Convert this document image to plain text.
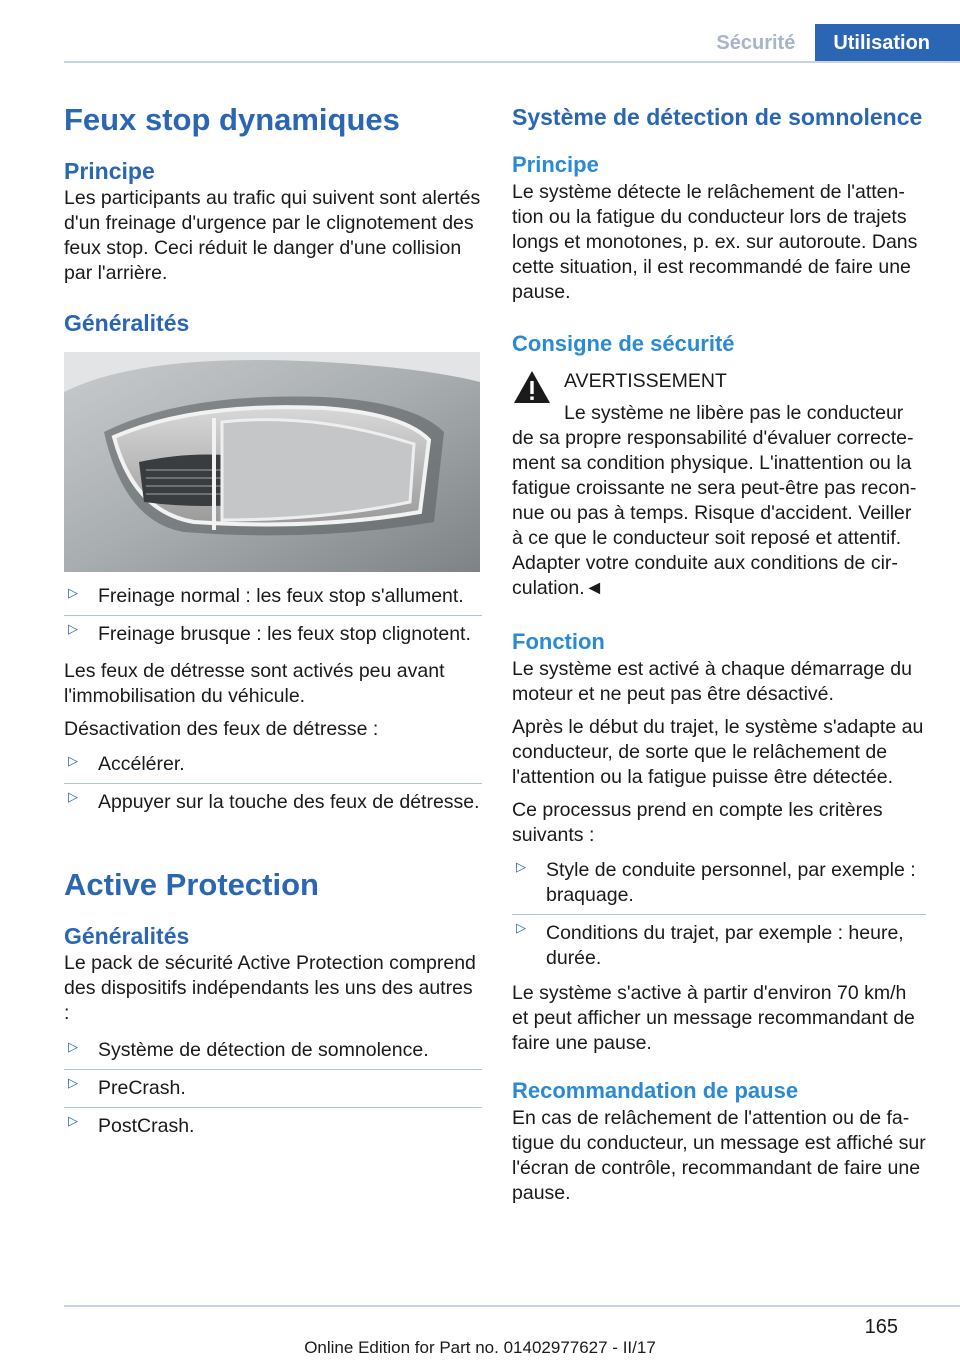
Sécurité	Utilisation
Feux stop dynamiques
Principe

Les participants au trafic qui suivent sont alertés d'un freinage d'urgence par le clignotement des feux stop. Ceci réduit le danger d'une collision par l'arrière.

Généralités
▷ Freinage normal : les feux stop s'allument.
▷ Freinage brusque : les feux stop clignotent.

Les feux de détresse sont activés peu avant l'immobilisation du véhicule.

Désactivation des feux de détresse :

▷ Accélérer.
▷ Appuyer sur la touche des feux de détresse.
Active Protection
Généralités

Le pack de sécurité Active Protection comprend des dispositifs indépendants les uns des autres :

▷ Système de détection de somnolence.
▷ PreCrash.
▷ PostCrash.
Système de détection de somnolence
Principe

Le système détecte le relâchement de l'attention ou la fatigue du conducteur lors de trajets longs et monotones, p. ex. sur autoroute. Dans cette situation, il est recommandé de faire une pause.

Consigne de sécurité

AVERTISSEMENT

Le système ne libère pas le conducteur de sa propre responsabilité d'évaluer correctement sa condition physique. L'inattention ou la fatigue croissante ne sera peut-être pas reconnue ou pas à temps. Risque d'accident. Veiller à ce que le conducteur soit reposé et attentif. Adapter votre conduite aux conditions de circulation.◄

Fonction

Le système est activé à chaque démarrage du moteur et ne peut pas être désactivé.

Après le début du trajet, le système s'adapte au conducteur, de sorte que le relâchement de l'attention ou la fatigue puisse être détectée.

Ce processus prend en compte les critères suivants :

▷ Style de conduite personnel, par exemple : braquage.
▷ Conditions du trajet, par exemple : heure, durée.

Le système s'active à partir d'environ 70 km/h et peut afficher un message recommandant de faire une pause.

Recommandation de pause

En cas de relâchement de l'attention ou de fatigue du conducteur, un message est affiché sur l'écran de contrôle, recommandant de faire une pause.

165
Online Edition for Part no. 01402977627 - II/17
